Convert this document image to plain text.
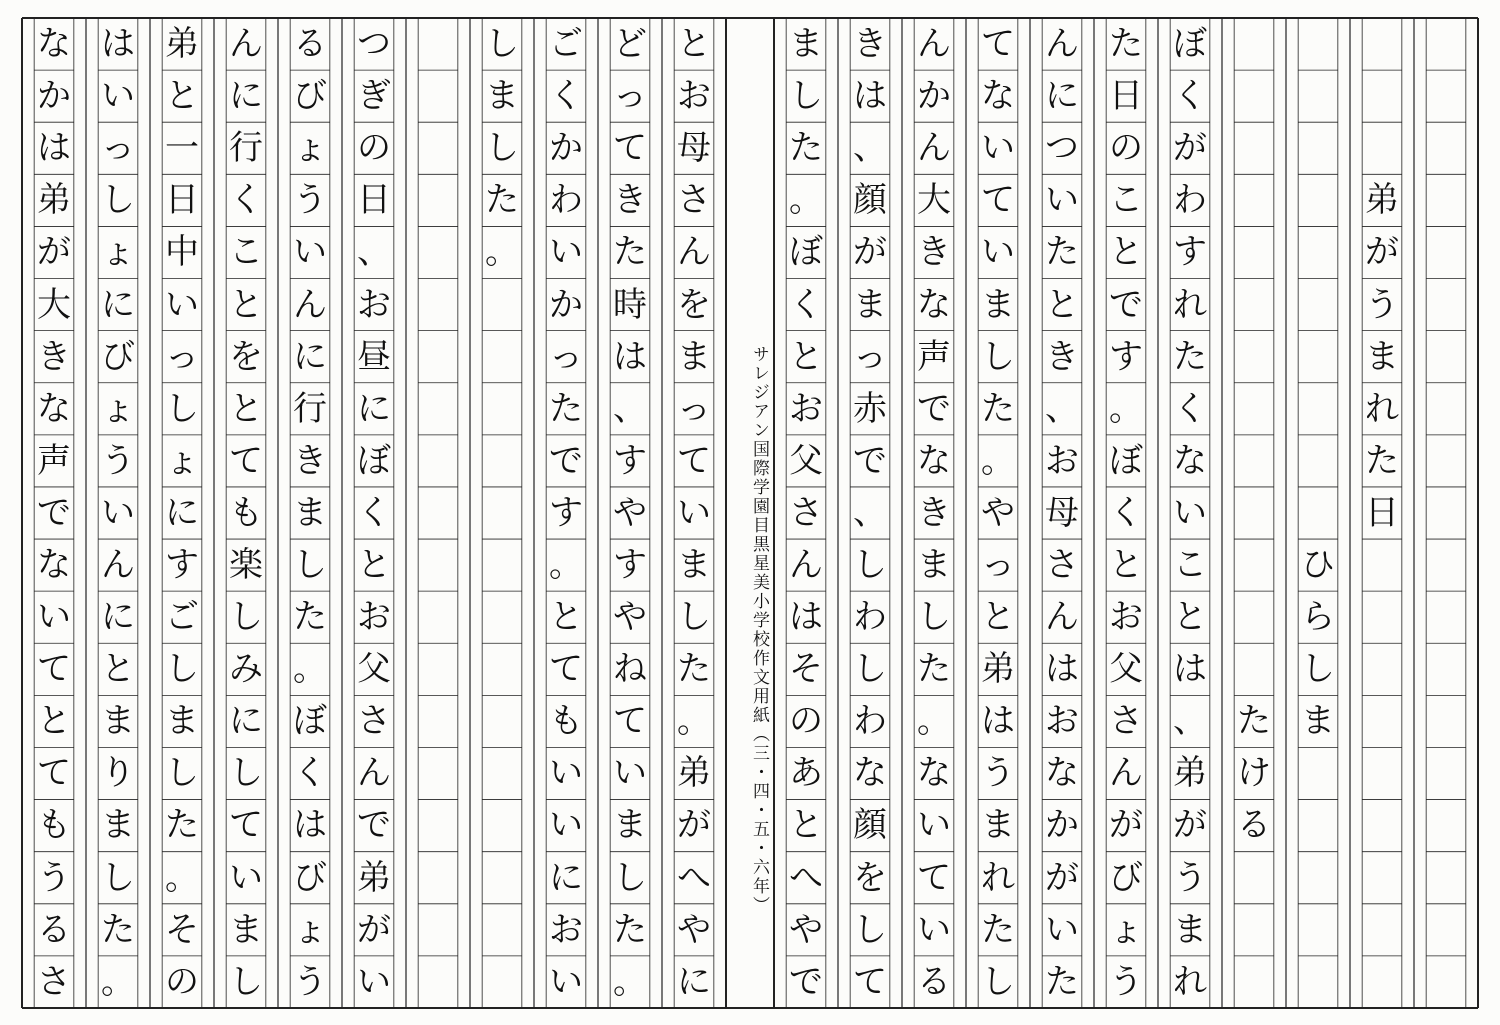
弟
が
う
ま
れ
た
日
ひ
ら
し
ま
た
け
る
ぼ
く
が
わ
す
れ
た
く
な
い
こ
と
は
、
弟
が
う
ま
れ
た
日
の
こ
と
で
す
。
ぼ
く
と
お
父
さ
ん
が
び
ょ
う
ん
に
つ
い
た
と
き
、
お
母
さ
ん
は
お
な
か
が
い
た
て
な
い
て
い
ま
し
た
。
や
っ
と
弟
は
う
ま
れ
た
し
ん
か
ん
大
き
な
声
で
な
き
ま
し
た
。
な
い
て
い
る
き
は
、
顔
が
ま
っ
赤
で
、
し
わ
し
わ
な
顔
を
し
て
ま
し
た
。
ぼ
く
と
お
父
さ
ん
は
そ
の
あ
と
へ
や
で
と
お
母
さ
ん
を
ま
っ
て
い
ま
し
た
。
弟
が
へ
や
に
ど
っ
て
き
た
時
は
、
す
や
す
や
ね
て
い
ま
し
た
。
ご
く
か
わ
い
か
っ
た
で
す
。
と
て
も
い
い
に
お
い
し
ま
し
た
。
つ
ぎ
の
日
、
お
昼
に
ぼ
く
と
お
父
さ
ん
で
弟
が
い
る
び
ょ
う
い
ん
に
行
き
ま
し
た
。
ぼ
く
は
び
ょ
う
ん
に
行
く
こ
と
を
と
て
も
楽
し
み
に
し
て
い
ま
し
弟
と
一
日
中
い
っ
し
ょ
に
す
ご
し
ま
し
た
。
そ
の
は
い
っ
し
ょ
に
び
ょ
う
い
ん
に
と
ま
り
ま
し
た
。
な
か
は
弟
が
大
き
な
声
で
な
い
て
と
て
も
う
る
さ
サレジアン国際学園目黒星美小学校作文用紙（三・四・五・六年）
